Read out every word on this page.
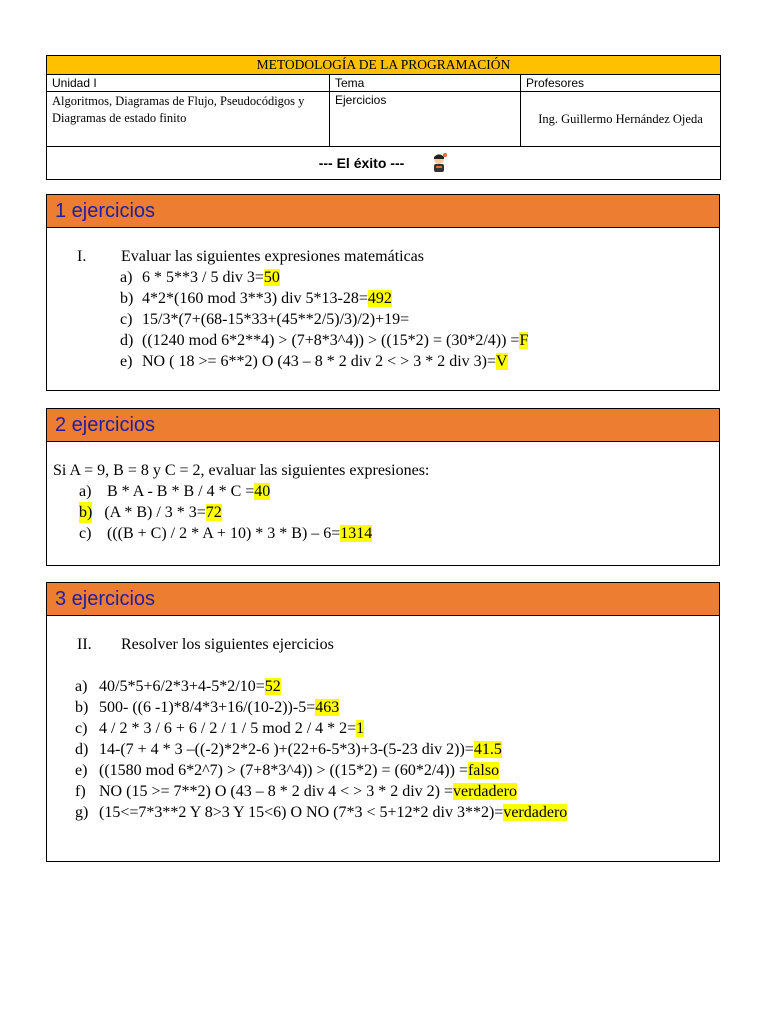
METODOLOGÍA DE LA PROGRAMACIÓN		
Unidad I	Tema	Profesores
Algoritmos, Diagramas de Flujo, Pseudocódigos y Diagramas de estado finito	Ejercicios	Ing. Guillermo Hernández Ojeda

--- El éxito ---		
1 ejercicios
I. Evaluar las siguientes expresiones matemáticas
a) 6 * 5**3 / 5 div 3=50
b) 4*2*(160 mod 3**3) div 5*13-28=492
c) 15/3*(7+(68-15*33+(45**2/5)/3)/2)+19=
d) ((1240 mod 6*2**4) > (7+8*3^4)) > ((15*2) = (30*2/4)) =F
e) NO ( 18 >= 6**2) O (43 – 8 * 2 div 2 < > 3 * 2 div 3)=V
2 ejercicios
Si A = 9, B = 8 y C = 2, evaluar las siguientes expresiones:
a) B * A - B * B / 4 * C =40
b) (A * B) / 3 * 3=72
c) (((B + C) / 2 * A + 10) * 3 * B) – 6=1314
3 ejercicios
II. Resolver los siguientes ejercicios
a) 40/5*5+6/2*3+4-5*2/10=52
b) 500- ((6 -1)*8/4*3+16/(10-2))-5=463
c) 4 / 2 * 3 / 6 + 6 / 2 / 1 / 5 mod 2 / 4 * 2=1
d) 14-(7 + 4 * 3 –((-2)*2*2-6 )+(22+6-5*3)+3-(5-23 div 2))=41.5
e) ((1580 mod 6*2^7) > (7+8*3^4)) > ((15*2) = (60*2/4)) =falso
f) NO (15 >= 7**2) O (43 – 8 * 2 div 4 < > 3 * 2 div 2) =verdadero
g) (15<=7*3**2 Y 8>3 Y 15<6) O NO (7*3 < 5+12*2 div 3**2)=verdadero
